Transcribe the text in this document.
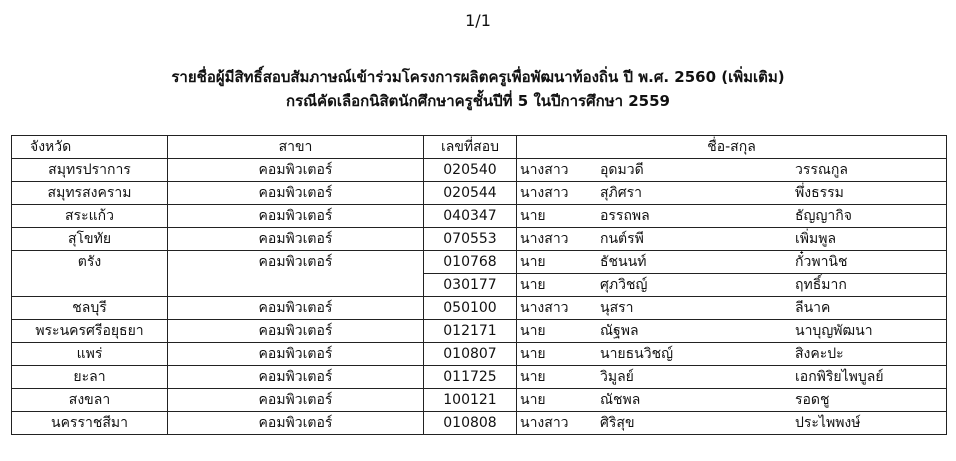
1/1
รายชื่อผู้มีสิทธิ์สอบสัมภาษณ์เข้าร่วมโครงการผลิตครูเพื่อพัฒนาท้องถิ่น ปี พ.ศ. 2560 (เพิ่มเติม)
กรณีคัดเลือกนิสิตนักศึกษาครูชั้นปีที่ 5 ในปีการศึกษา 2559
จังหวัด	สาขา	เลขที่สอบ	ชื่อ-สกุล
สมุทรปราการ	คอมพิวเตอร์	020540	นางสาว อุดมวดี วรรณกูล

สมุทรสงคราม	คอมพิวเตอร์	020544	นางสาว สุภิศรา พึ่งธรรม

สระแก้ว	คอมพิวเตอร์	040347	นาย อรรถพล ธัญญากิจ

สุโขทัย	คอมพิวเตอร์	070553	นางสาว กนต์รพี เพิ่มพูล

ตรัง	คอมพิวเตอร์	010768	นาย ธัชนนท์ กั๋วพานิช

		030177	นาย ศุภวิชญ์ ฤทธิ์มาก

ชลบุรี	คอมพิวเตอร์	050100	นางสาว นุสรา ลีนาค

พระนครศรีอยุธยา	คอมพิวเตอร์	012171	นาย ณัฐพล นาบุญพัฒนา

แพร่	คอมพิวเตอร์	010807	นาย นายธนวิชญ์ สิงคะปะ

ยะลา	คอมพิวเตอร์	011725	นาย วิมูลย์ เอกพิริยไพบูลย์

สงขลา	คอมพิวเตอร์	100121	นาย ณัชพล รอดชู

นครราชสีมา	คอมพิวเตอร์	010808	นางสาว ศิริสุข ประไพพงษ์
